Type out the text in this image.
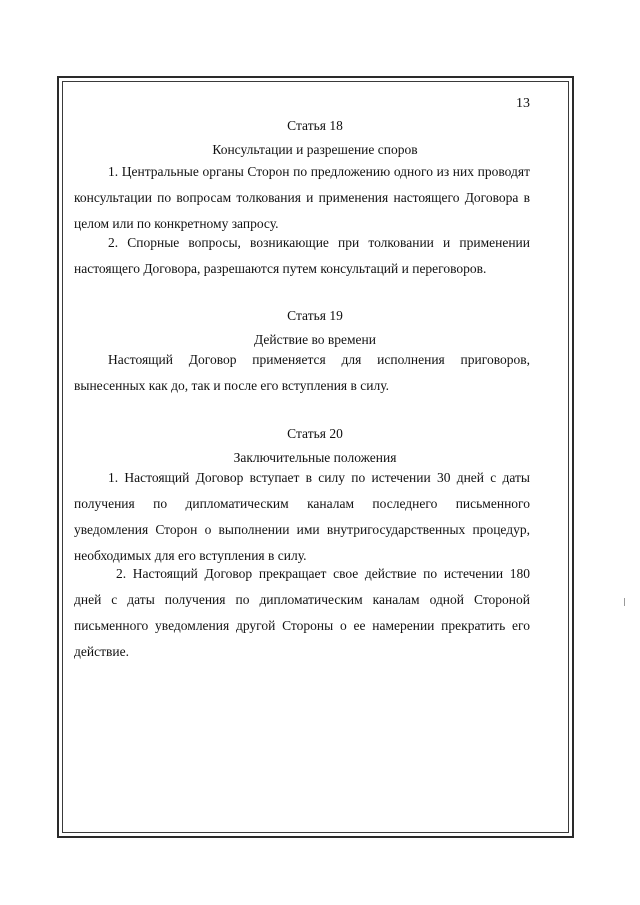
13
Статья 18
Консультации и разрешение споров
1. Центральные органы Сторон по предложению одного из них проводят консультации по вопросам толкования и применения настоящего Договора в целом или по конкретному запросу.
2. Спорные вопросы, возникающие при толковании и применении настоящего Договора, разрешаются путем консультаций и переговоров.
Статья 19
Действие во времени
Настоящий Договор применяется для исполнения приговоров, вынесенных как до, так и после его вступления в силу.
Статья 20
Заключительные положения
1. Настоящий Договор вступает в силу по истечении 30 дней с даты получения по дипломатическим каналам последнего письменного уведомления Сторон о выполнении ими внутригосударственных процедур, необходимых для его вступления в силу.
2. Настоящий Договор прекращает свое действие по истечении 180 дней с даты получения по дипломатическим каналам одной Стороной письменного уведомления другой Стороны о ее намерении прекратить его действие.
